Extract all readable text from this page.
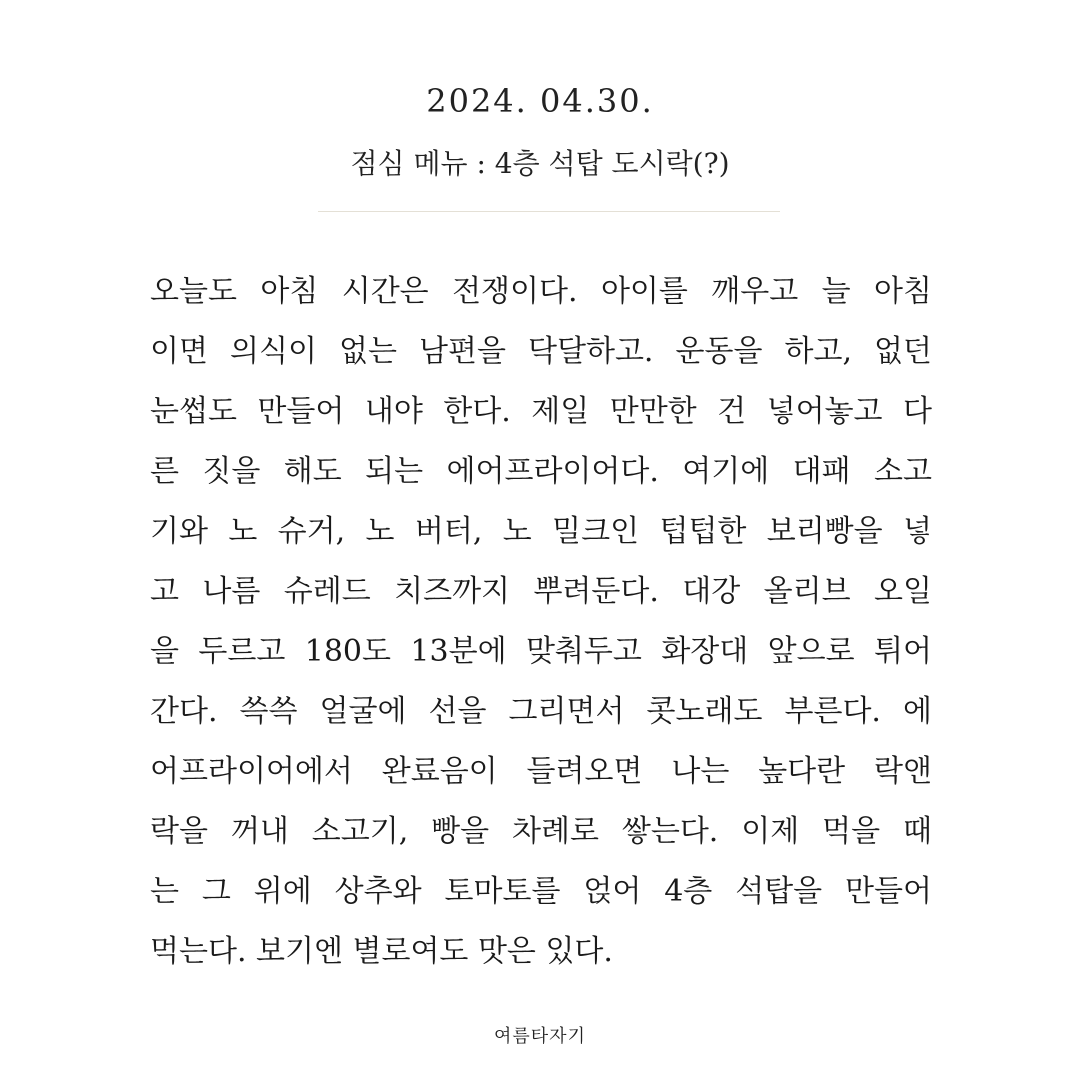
2024. 04.30.
점심 메뉴 : 4층 석탑 도시락(?)
오늘도 아침 시간은 전쟁이다. 아이를 깨우고 늘 아침
이면 의식이 없는 남편을 닥달하고. 운동을 하고, 없던
눈썹도 만들어 내야 한다. 제일 만만한 건 넣어놓고 다
른 짓을 해도 되는 에어프라이어다. 여기에 대패 소고
기와 노 슈거, 노 버터, 노 밀크인 텁텁한 보리빵을 넣
고 나름 슈레드 치즈까지 뿌려둔다. 대강 올리브 오일
을 두르고 180도 13분에 맞춰두고 화장대 앞으로 튀어
간다. 쓱쓱 얼굴에 선을 그리면서 콧노래도 부른다. 에
어프라이어에서 완료음이 들려오면 나는 높다란 락앤
락을 꺼내 소고기, 빵을 차례로 쌓는다. 이제 먹을 때
는 그 위에 상추와 토마토를 얹어 4층 석탑을 만들어
먹는다. 보기엔 별로여도 맛은 있다.
여름타자기
